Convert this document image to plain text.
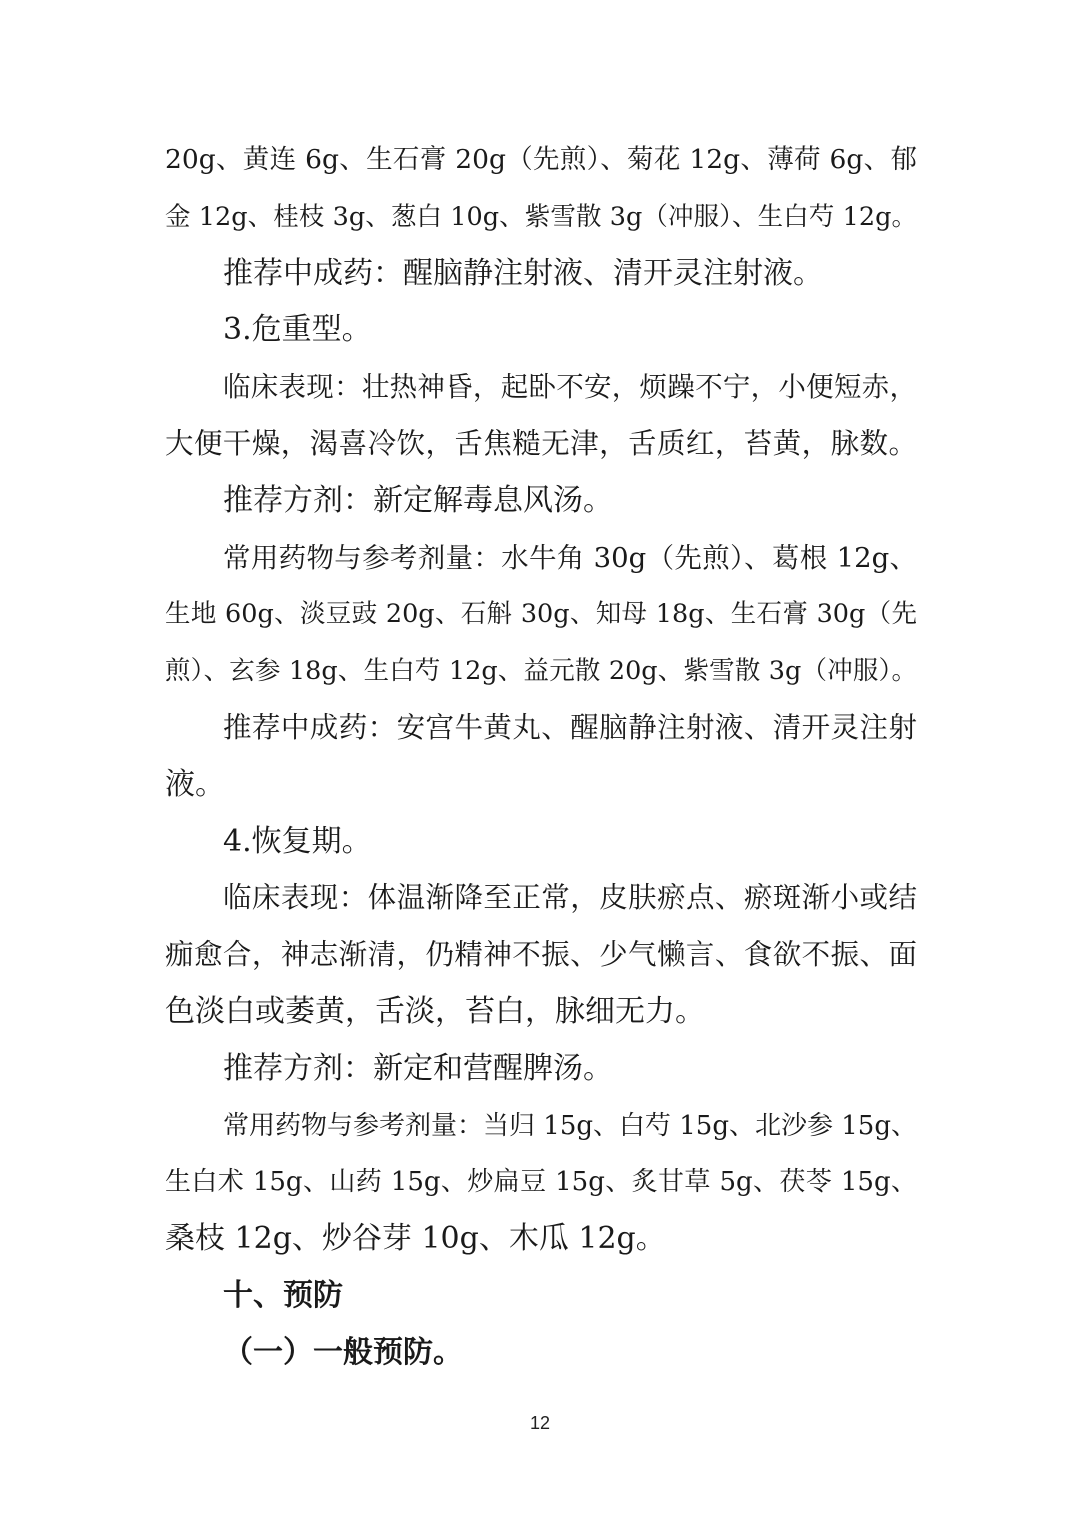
20g、黄连 6g、生石膏 20g（先煎）、菊花 12g、薄荷 6g、郁
金 12g、桂枝 3g、葱白 10g、紫雪散 3g（冲服）、生白芍 12g。
推荐中成药：醒脑静注射液、清开灵注射液。
3.危重型。
临床表现：壮热神昏，起卧不安，烦躁不宁，小便短赤，
大便干燥，渴喜冷饮，舌焦糙无津，舌质红，苔黄，脉数。
推荐方剂：新定解毒息风汤。
常用药物与参考剂量：水牛角 30g（先煎）、葛根 12g、
生地 60g、淡豆豉 20g、石斛 30g、知母 18g、生石膏 30g（先
煎）、玄参 18g、生白芍 12g、益元散 20g、紫雪散 3g（冲服）。
推荐中成药：安宫牛黄丸、醒脑静注射液、清开灵注射
液。
4.恢复期。
临床表现：体温渐降至正常，皮肤瘀点、瘀斑渐小或结
痂愈合，神志渐清，仍精神不振、少气懒言、食欲不振、面
色淡白或萎黄，舌淡，苔白，脉细无力。
推荐方剂：新定和营醒脾汤。
常用药物与参考剂量：当归 15g、白芍 15g、北沙参 15g、
生白术 15g、山药 15g、炒扁豆 15g、炙甘草 5g、茯苓 15g、
桑枝 12g、炒谷芽 10g、木瓜 12g。
十、预防
（一）一般预防。
12
